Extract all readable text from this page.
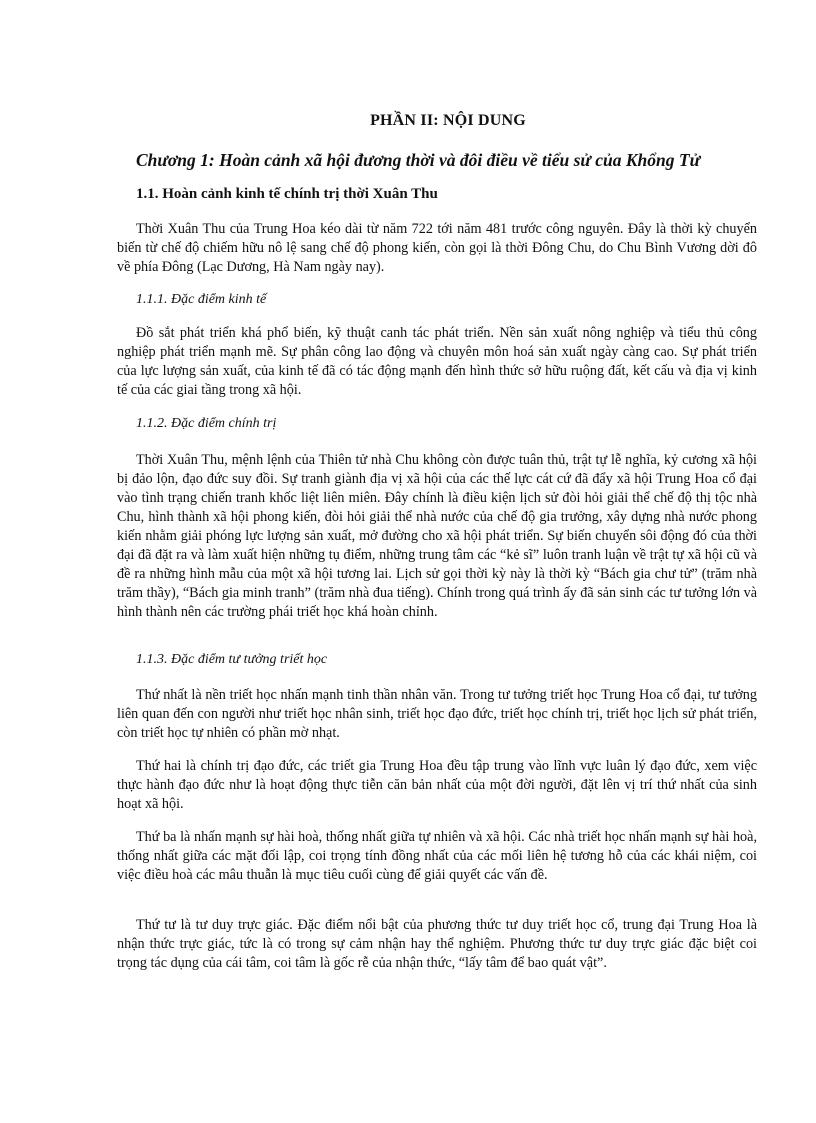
PHẦN II: NỘI DUNG
Chương 1: Hoàn cảnh xã hội đương thời và đôi điều về tiểu sử của Khổng Tử
1.1. Hoàn cảnh kinh tế chính trị thời Xuân Thu

Thời Xuân Thu của Trung Hoa kéo dài từ năm 722 tới năm 481 trước công nguyên. Đây là thời kỳ chuyển biến từ chế độ chiếm hữu nô lệ sang chế độ phong kiến, còn gọi là thời Đông Chu, do Chu Bình Vương dời đô về phía Đông (Lạc Dương, Hà Nam ngày nay).

1.1.1. Đặc điểm kinh tế

Đồ sắt phát triển khá phổ biến, kỹ thuật canh tác phát triển. Nền sản xuất nông nghiệp và tiểu thủ công nghiệp phát triển mạnh mẽ. Sự phân công lao động và chuyên môn hoá sản xuất ngày càng cao. Sự phát triển của lực lượng sản xuất, của kinh tế đã có tác động mạnh đến hình thức sở hữu ruộng đất, kết cấu và địa vị kinh tế của các giai tầng trong xã hội.

1.1.2. Đặc điểm chính trị

Thời Xuân Thu, mệnh lệnh của Thiên tử nhà Chu không còn được tuân thủ, trật tự lễ nghĩa, kỷ cương xã hội bị đảo lộn, đạo đức suy đồi. Sự tranh giành địa vị xã hội của các thế lực cát cứ đã đẩy xã hội Trung Hoa cổ đại vào tình trạng chiến tranh khốc liệt liên miên. Đây chính là điều kiện lịch sử đòi hỏi giải thể chế độ thị tộc nhà Chu, hình thành xã hội phong kiến, đòi hỏi giải thể nhà nước của chế độ gia trưởng, xây dựng nhà nước phong kiến nhằm giải phóng lực lượng sản xuất, mở đường cho xã hội phát triển. Sự biến chuyển sôi động đó của thời đại đã đặt ra và làm xuất hiện những tụ điểm, những trung tâm các “kẻ sĩ” luôn tranh luận về trật tự xã hội cũ và đề ra những hình mẫu của một xã hội tương lai. Lịch sử gọi thời kỳ này là thời kỳ “Bách gia chư tử” (trăm nhà trăm thầy), “Bách gia minh tranh” (trăm nhà đua tiếng). Chính trong quá trình ấy đã sản sinh các tư tưởng lớn và hình thành nên các trường phái triết học khá hoàn chỉnh.

1.1.3. Đặc điểm tư tưởng triết học

Thứ nhất là nền triết học nhấn mạnh tinh thần nhân văn. Trong tư tưởng triết học Trung Hoa cổ đại, tư tưởng liên quan đến con người như triết học nhân sinh, triết học đạo đức, triết học chính trị, triết học lịch sử phát triển, còn triết học tự nhiên có phần mờ nhạt.

Thứ hai là chính trị đạo đức, các triết gia Trung Hoa đều tập trung vào lĩnh vực luân lý đạo đức, xem việc thực hành đạo đức như là hoạt động thực tiễn căn bản nhất của một đời người, đặt lên vị trí thứ nhất của sinh hoạt xã hội.

Thứ ba là nhấn mạnh sự hài hoà, thống nhất giữa tự nhiên và xã hội. Các nhà triết học nhấn mạnh sự hài hoà, thống nhất giữa các mặt đối lập, coi trọng tính đồng nhất của các mối liên hệ tương hỗ của các khái niệm, coi việc điều hoà các mâu thuẫn là mục tiêu cuối cùng để giải quyết các vấn đề.

Thứ tư là tư duy trực giác. Đặc điểm nổi bật của phương thức tư duy triết học cổ, trung đại Trung Hoa là nhận thức trực giác, tức là có trong sự cảm nhận hay thể nghiệm. Phương thức tư duy trực giác đặc biệt coi trọng tác dụng của cái tâm, coi tâm là gốc rễ của nhận thức, “lấy tâm để bao quát vật”.
